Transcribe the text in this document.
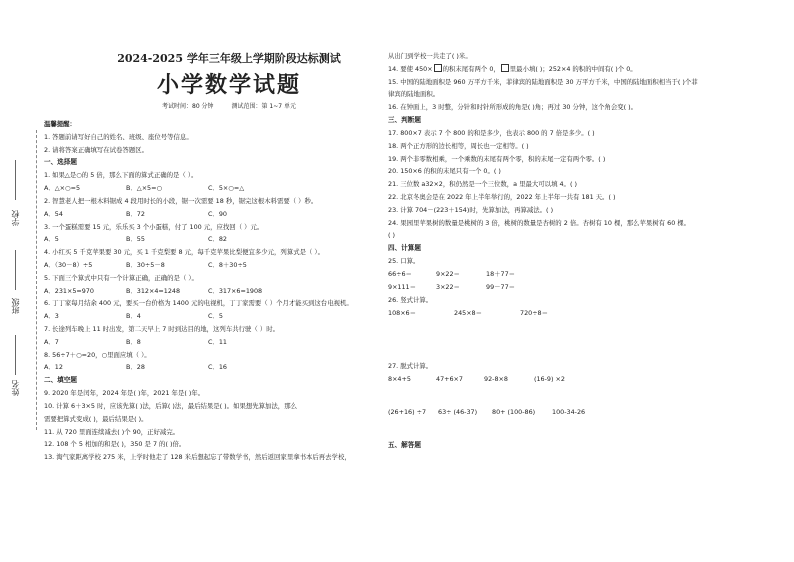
学校
班级
姓名
2024-2025 学年三年级上学期阶段达标测试
小学数学试题
考试时间：80 分钟	测试范围：第 1~7 单元
温馨提醒：
1. 答题前请写好自己的姓名、班级、座位号等信息。
2. 请将答案正确填写在试卷答题区。
一、选择题
1. 如果△是○的 5 倍，那么下面的算式正确的是（ ）。
A．△×○=5	B．△×5=○	C．5×○=△
2. 智慧老人把一根木料锯成 4 段用时长的小段，锯一次需要 18 秒，锯完这根木料需要（ ）秒。
A．54	B．72	C．90
3. 一个蛋糕需要 15 元，乐乐买 3 个小蛋糕，付了 100 元，应找回（ ）元。
A．5	B．55	C．82
4. 小红买 5 千克苹果要 30 元，买 1 千克梨要 8 元，每千克苹果比梨便宜多少元，列算式是（ ）。
A．（30－8）÷5	B．30÷5－8	C．8＋30÷5
5. 下面三个算式中只有一个计算正确，正确的是（ ）。
A．231×5=970	B．312×4=1248	C．317×6=1908
6. 丁丁家每月结余 400 元，要买一台价格为 1400 元的电视机，丁丁家需要（ ）个月才能买到这台电视机。
A．3	B．4	C．5
7. 长途列车晚上 11 时出发，第二天早上 7 时到达目的地，这列车共行驶（ ）时。
A．7	B．8	C．11
8. 56÷7＋○=20，○里面应填（ ）。
A．12	B．28	C．16
二、填空题
9. 2020 年是闰年，2024 年是( )年，2021 年是( )年。
10. 计算 6＋3×5 时，应该先算( )法，后算( )法，最后结果是( )。如果想先算加法，那么
需要把算式变成( )，最后结果是( )。
11. 从 720 里面连续减去( )个 90，正好减完。
12. 108 个 5 相加的和是( )，350 是 7 的( )倍。
13. 淘气家距离学校 275 米，上学时他走了 128 米后想起忘了带数学书，然后返回家里拿书本后再去学校，
从出门到学校一共走了( )米。
14. 要使 450× 的积末尾有两个 0， 里最小填( )；252×4 的积的中间有( )个 0。
15. 中国的陆地面积是 960 万平方千米，菲律宾的陆地面积是 30 万平方千米，中国的陆地面积相当于( )个菲
律宾的陆地面积。
16. 在钟面上，3 时整，分针和时针所形成的角是( )角；再过 30 分钟，这个角会变( )。
三、判断题
17. 800×7 表示 7 个 800 的和是多少，也表示 800 的 7 倍是多少。( )
18. 两个正方形的边长相等，周长也一定相等。( )
19. 两个非零数相乘，一个乘数的末尾有两个零，积的末尾一定有两个零。( )
20. 150×6 的积的末尾只有一个 0。( )
21. 三位数 a32×2，积仍然是一个三位数，a 里最大可以填 4。( )
22. 北京冬奥会是在 2022 年上半年举行的，2022 年上半年一共有 181 天。( )
23. 计算 704－(223＋154)时，先算加法，再算减法。( )
24. 果园里苹果树的数量是桃树的 3 倍，桃树的数量是杏树的 2 倍。杏树有 10 棵，那么苹果树有 60 棵。
( )
四、计算题
25. 口算。
66÷6＝	9×22＝	18＋77＝
9×111＝	3×22＝	99－77＝
26. 竖式计算。
108×6＝	245×8＝	720÷8＝
27. 脱式计算。
8×4+5	47+6×7	92-8×8	(16-9) ×2
(26+16) ÷7	63÷ (46-37)	80+ (100-86)	100-34-26
五、解答题
